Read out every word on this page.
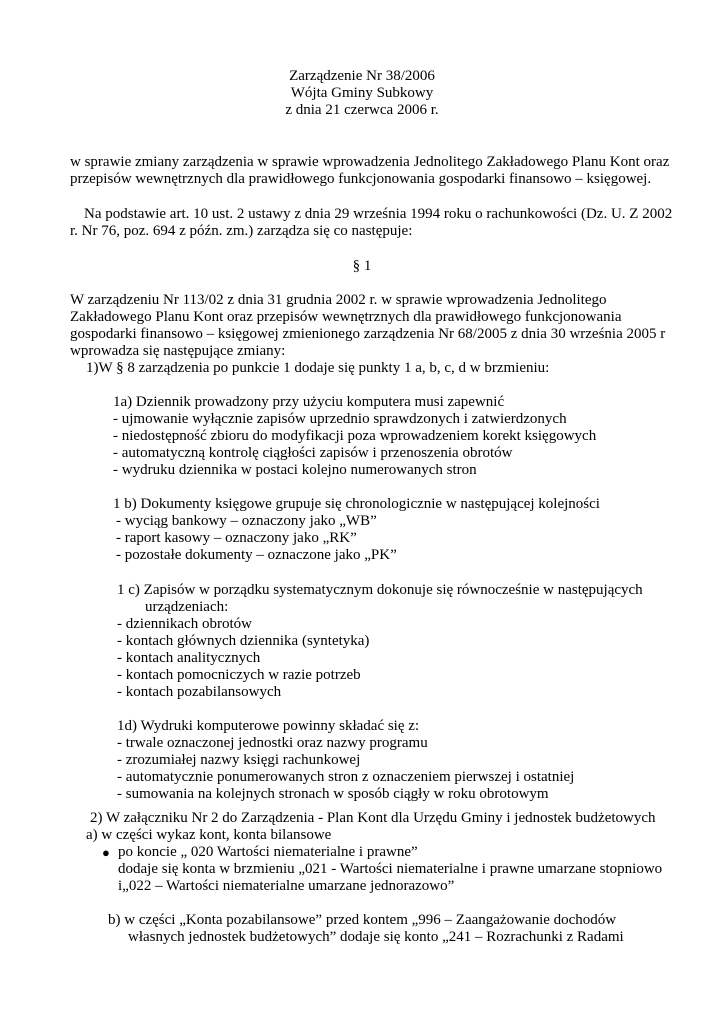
Zarządzenie Nr 38/2006
Wójta Gminy Subkowy
z dnia 21 czerwca 2006 r.
w sprawie zmiany zarządzenia w sprawie wprowadzenia Jednolitego Zakładowego Planu Kont oraz
przepisów wewnętrznych dla prawidłowego funkcjonowania gospodarki finansowo – księgowej.
Na podstawie art. 10 ust. 2 ustawy z dnia 29 września 1994 roku o rachunkowości (Dz. U. Z 2002
r. Nr 76, poz. 694 z późn. zm.) zarządza się co następuje:
§ 1
W zarządzeniu Nr 113/02 z dnia 31 grudnia 2002 r. w sprawie wprowadzenia Jednolitego
Zakładowego Planu Kont oraz przepisów wewnętrznych dla prawidłowego funkcjonowania
gospodarki finansowo – księgowej zmienionego zarządzenia Nr 68/2005 z dnia 30 września 2005 r
wprowadza się następujące zmiany:
1)W § 8 zarządzenia po punkcie 1 dodaje się punkty 1 a, b, c, d w brzmieniu:
1a) Dziennik prowadzony przy użyciu komputera musi zapewnić
- ujmowanie wyłącznie zapisów uprzednio sprawdzonych i zatwierdzonych
- niedostępność zbioru do modyfikacji poza wprowadzeniem korekt księgowych
- automatyczną kontrolę ciągłości zapisów i przenoszenia obrotów
- wydruku dziennika w postaci kolejno numerowanych stron
1 b) Dokumenty księgowe grupuje się chronologicznie w następującej kolejności
- wyciąg bankowy – oznaczony jako „WB”
- raport kasowy – oznaczony jako „RK”
- pozostałe dokumenty – oznaczone jako „PK”
1 c) Zapisów w porządku systematycznym dokonuje się równocześnie w następujących
urządzeniach:
- dziennikach obrotów
- kontach głównych dziennika (syntetyka)
- kontach analitycznych
- kontach pomocniczych w razie potrzeb
- kontach pozabilansowych
1d) Wydruki komputerowe powinny składać się z:
- trwale oznaczonej jednostki oraz nazwy programu
- zrozumiałej nazwy księgi rachunkowej
- automatycznie ponumerowanych stron z oznaczeniem pierwszej i ostatniej
- sumowania na kolejnych stronach w sposób ciągły w roku obrotowym
2) W załączniku Nr 2 do Zarządzenia - Plan Kont dla Urzędu Gminy i jednostek budżetowych
a) w części wykaz kont, konta bilansowe
● po koncie „ 020 Wartości niematerialne i prawne”
dodaje się konta w brzmieniu „021 - Wartości niematerialne i prawne umarzane stopniowo
i„022 – Wartości niematerialne umarzane jednorazowo”
b) w części „Konta pozabilansowe” przed kontem „996 – Zaangażowanie dochodów
własnych jednostek budżetowych” dodaje się konto „241 – Rozrachunki z Radami
